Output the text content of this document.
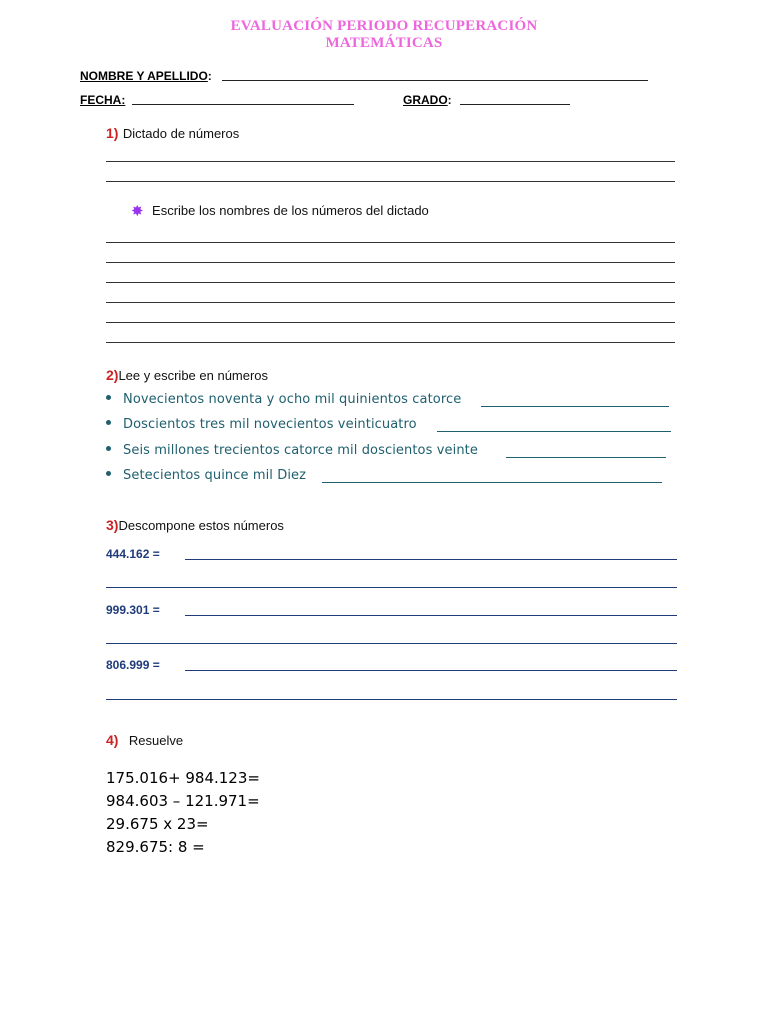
EVALUACIÓN PERIODO RECUPERACIÓN
MATEMÁTICAS
NOMBRE Y APELLIDO:
FECHA:	GRADO:
1) Dictado de números
✸ Escribe los nombres de los números del dictado
2)Lee y escribe en números
Novecientos noventa y ocho mil quinientos catorce
Doscientos tres mil novecientos veinticuatro
Seis millones trecientos catorce mil doscientos veinte
Setecientos quince mil Diez
3)Descompone estos números
444.162 =
999.301 =
806.999 =
4) Resuelve
175.016+ 984.123=
984.603 – 121.971=
29.675 x 23=
829.675: 8 =
